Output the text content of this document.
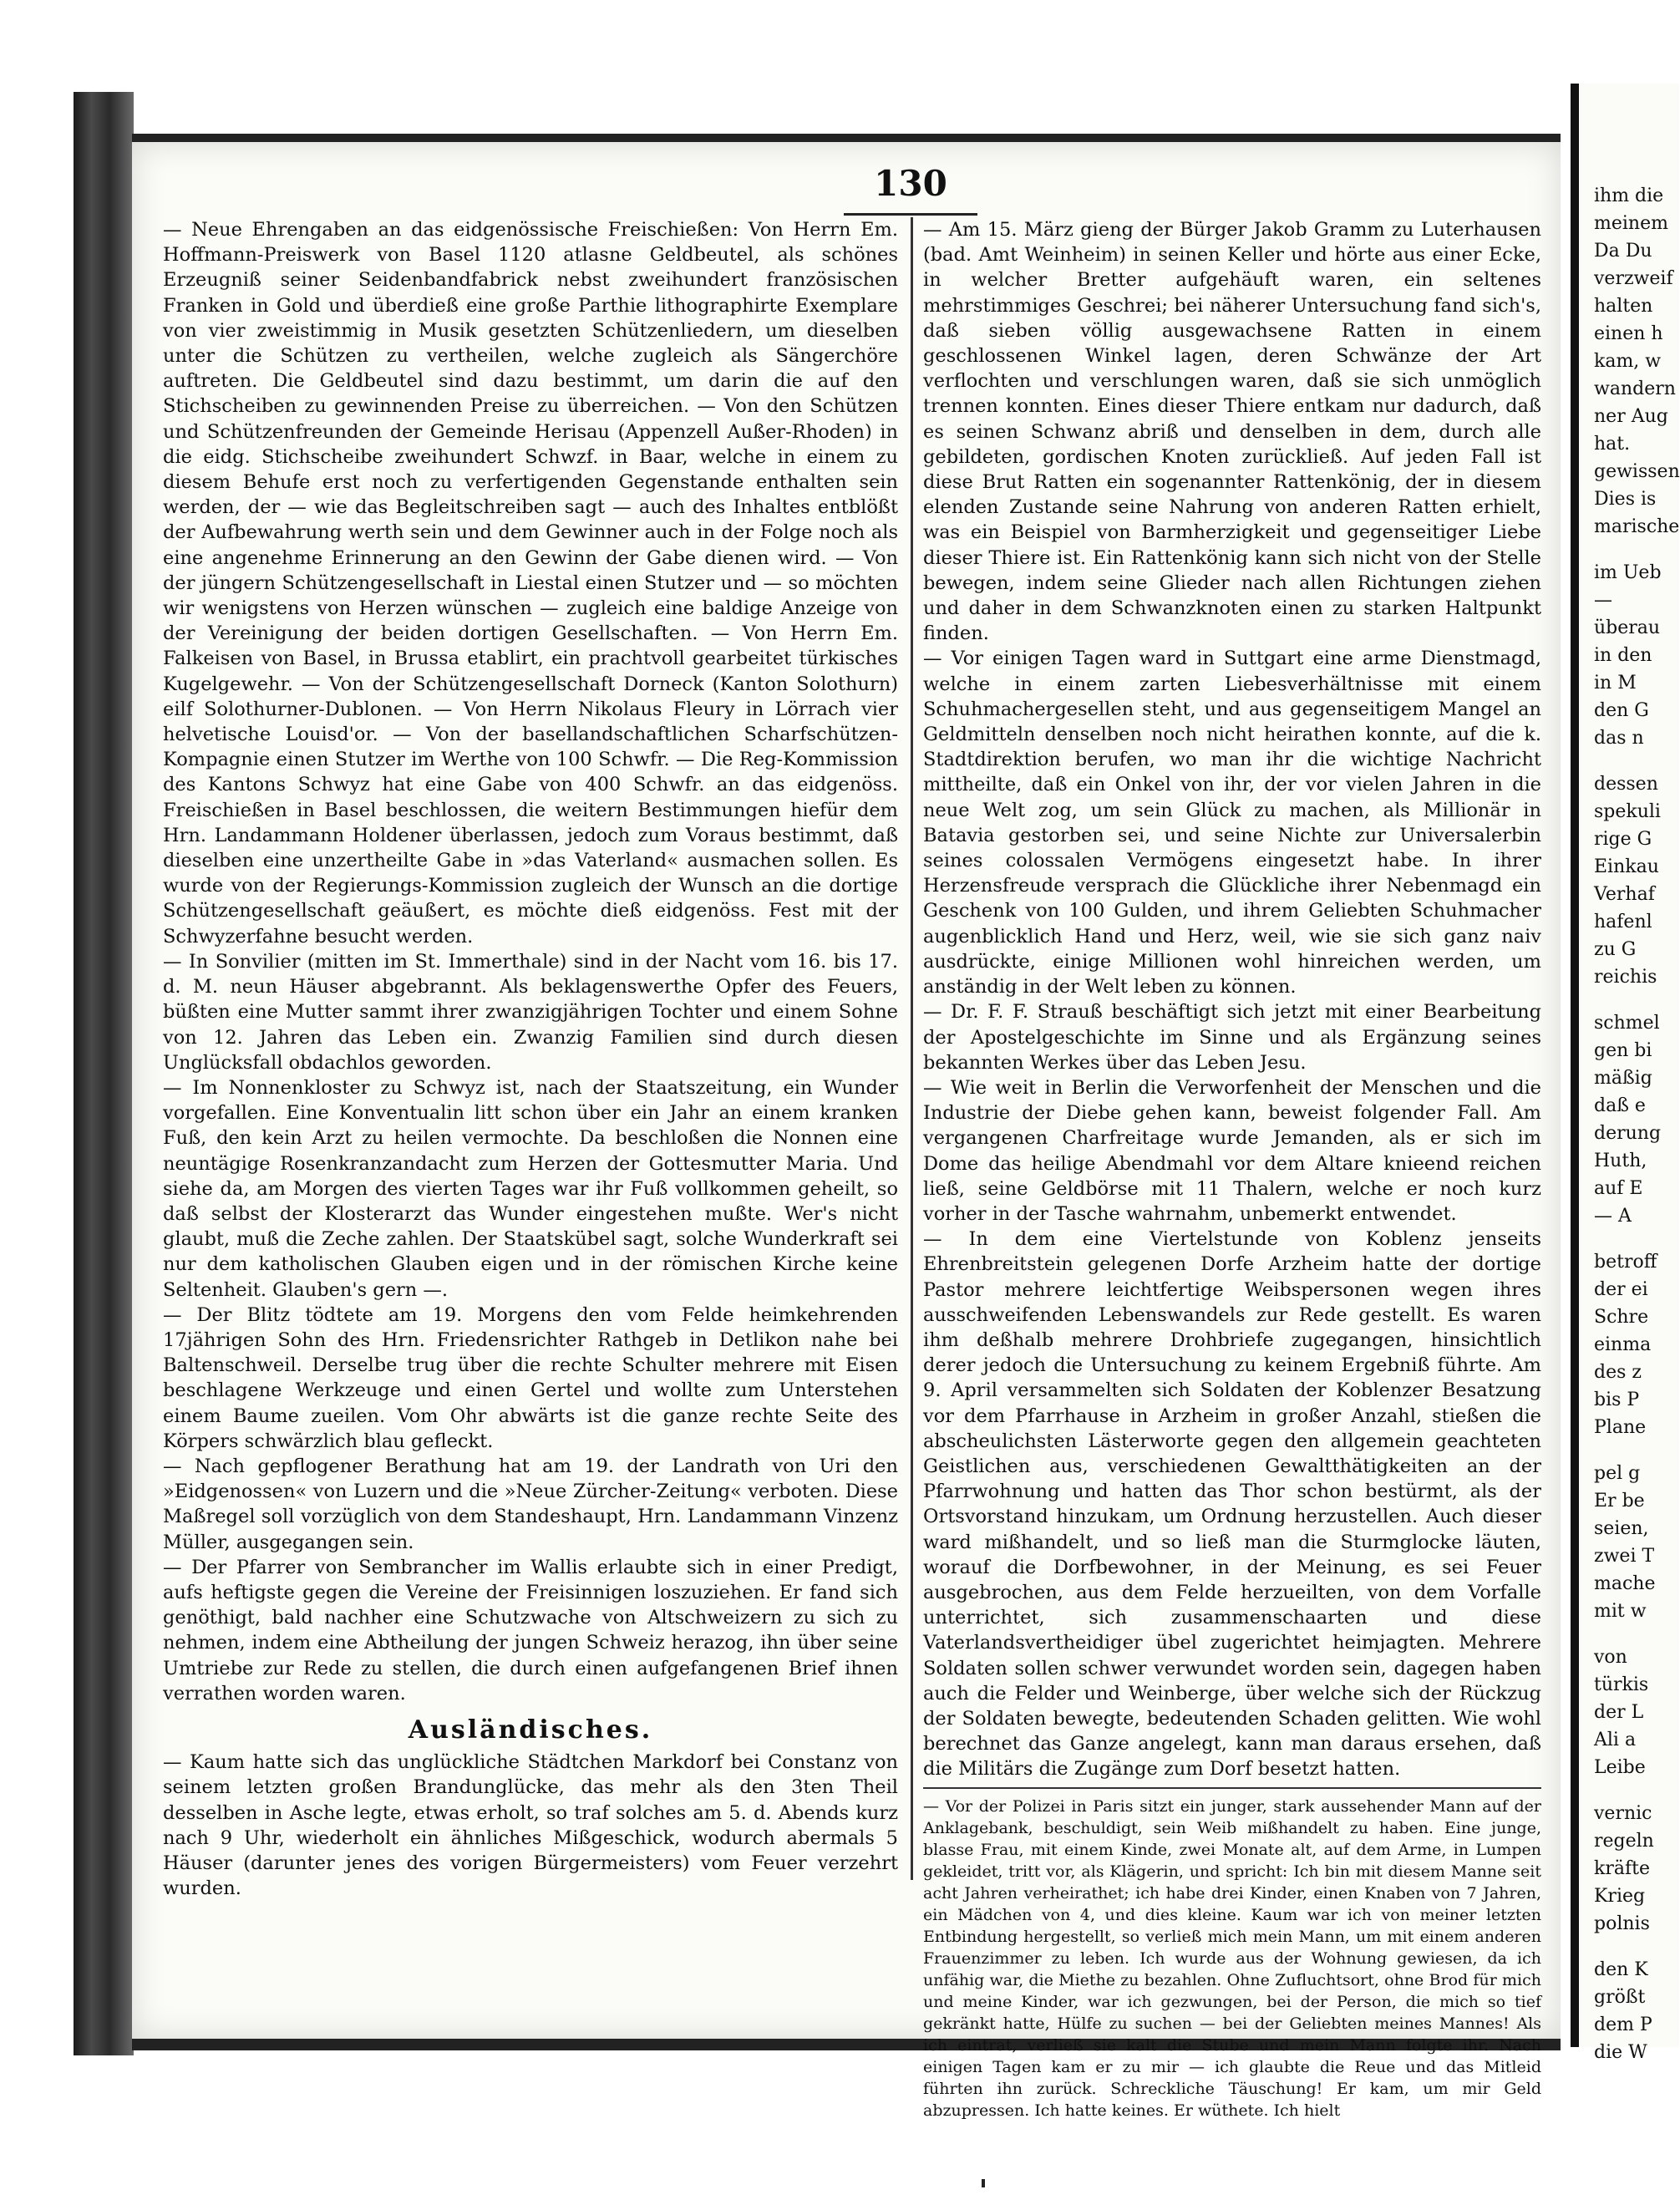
130

— Neue Ehrengaben an das eidgenössische Freischießen: Von Herrn Em. Hoffmann-Preiswerk von Basel 1120 atlasne Geldbeutel, als schönes Erzeugniß seiner Seidenbandfabrick nebst zweihundert französischen Franken in Gold und überdieß eine große Parthie lithographirte Exemplare von vier zweistimmig in Musik gesetzten Schützenliedern, um dieselben unter die Schützen zu vertheilen, welche zugleich als Sängerchöre auftreten. Die Geldbeutel sind dazu bestimmt, um darin die auf den Stichscheiben zu gewinnenden Preise zu überreichen. — Von den Schützen und Schützenfreunden der Gemeinde Herisau (Appenzell Außer-Rhoden) in die eidg. Stichscheibe zweihundert Schwzf. in Baar, welche in einem zu diesem Behufe erst noch zu verfertigenden Gegenstande enthalten sein werden, der — wie das Begleitschreiben sagt — auch des Inhaltes entblößt der Aufbewahrung werth sein und dem Gewinner auch in der Folge noch als eine angenehme Erinnerung an den Gewinn der Gabe dienen wird. — Von der jüngern Schützengesellschaft in Liestal einen Stutzer und — so möchten wir wenigstens von Herzen wünschen — zugleich eine baldige Anzeige von der Vereinigung der beiden dortigen Gesellschaften. — Von Herrn Em. Falkeisen von Basel, in Brussa etablirt, ein prachtvoll gearbeitet türkisches Kugelgewehr. — Von der Schützengesellschaft Dorneck (Kanton Solothurn) eilf Solothurner-Dublonen. — Von Herrn Nikolaus Fleury in Lörrach vier helvetische Louisd'or. — Von der basellandschaftlichen Scharfschützen-Kompagnie einen Stutzer im Werthe von 100 Schwfr. — Die Reg-Kommission des Kantons Schwyz hat eine Gabe von 400 Schwfr. an das eidgenöss. Freischießen in Basel beschlossen, die weitern Bestimmungen hiefür dem Hrn. Landammann Holdener überlassen, jedoch zum Voraus bestimmt, daß dieselben eine unzertheilte Gabe in »das Vaterland« ausmachen sollen. Es wurde von der Regierungs-Kommission zugleich der Wunsch an die dortige Schützengesellschaft geäußert, es möchte dieß eidgenöss. Fest mit der Schwyzerfahne besucht werden.

— In Sonvilier (mitten im St. Immerthale) sind in der Nacht vom 16. bis 17. d. M. neun Häuser abgebrannt. Als beklagenswerthe Opfer des Feuers, büßten eine Mutter sammt ihrer zwanzigjährigen Tochter und einem Sohne von 12. Jahren das Leben ein. Zwanzig Familien sind durch diesen Unglücksfall obdachlos geworden.

— Im Nonnenkloster zu Schwyz ist, nach der Staatszeitung, ein Wunder vorgefallen. Eine Konventualin litt schon über ein Jahr an einem kranken Fuß, den kein Arzt zu heilen vermochte. Da beschloßen die Nonnen eine neuntägige Rosenkranzandacht zum Herzen der Gottesmutter Maria. Und siehe da, am Morgen des vierten Tages war ihr Fuß vollkommen geheilt, so daß selbst der Klosterarzt das Wunder eingestehen mußte. Wer's nicht glaubt, muß die Zeche zahlen. Der Staatskübel sagt, solche Wunderkraft sei nur dem katholischen Glauben eigen und in der römischen Kirche keine Seltenheit. Glauben's gern —.

— Der Blitz tödtete am 19. Morgens den vom Felde heimkehrenden 17jährigen Sohn des Hrn. Friedensrichter Rathgeb in Detlikon nahe bei Baltenschweil. Derselbe trug über die rechte Schulter mehrere mit Eisen beschlagene Werkzeuge und einen Gertel und wollte zum Unterstehen einem Baume zueilen. Vom Ohr abwärts ist die ganze rechte Seite des Körpers schwärzlich blau gefleckt.

— Nach gepflogener Berathung hat am 19. der Landrath von Uri den »Eidgenossen« von Luzern und die »Neue Zürcher-Zeitung« verboten. Diese Maßregel soll vorzüglich von dem Standeshaupt, Hrn. Landammann Vinzenz Müller, ausgegangen sein.

— Der Pfarrer von Sembrancher im Wallis erlaubte sich in einer Predigt, aufs heftigste gegen die Vereine der Freisinnigen loszuziehen. Er fand sich genöthigt, bald nachher eine Schutzwache von Altschweizern zu sich zu nehmen, indem eine Abtheilung der jungen Schweiz herazog, ihn über seine Umtriebe zur Rede zu stellen, die durch einen aufgefangenen Brief ihnen verrathen worden waren.

Ausländisches.

— Kaum hatte sich das unglückliche Städtchen Markdorf bei Constanz von seinem letzten großen Brandunglücke, das mehr als den 3ten Theil desselben in Asche legte, etwas erholt, so traf solches am 5. d. Abends kurz nach 9 Uhr, wiederholt ein ähnliches Mißgeschick, wodurch abermals 5 Häuser (darunter jenes des vorigen Bürgermeisters) vom Feuer verzehrt wurden.

— Am 15. März gieng der Bürger Jakob Gramm zu Luterhausen (bad. Amt Weinheim) in seinen Keller und hörte aus einer Ecke, in welcher Bretter aufgehäuft waren, ein seltenes mehrstimmiges Geschrei; bei näherer Untersuchung fand sich's, daß sieben völlig ausgewachsene Ratten in einem geschlossenen Winkel lagen, deren Schwänze der Art verflochten und verschlungen waren, daß sie sich unmöglich trennen konnten. Eines dieser Thiere entkam nur dadurch, daß es seinen Schwanz abriß und denselben in dem, durch alle gebildeten, gordischen Knoten zurückließ. Auf jeden Fall ist diese Brut Ratten ein sogenannter Rattenkönig, der in diesem elenden Zustande seine Nahrung von anderen Ratten erhielt, was ein Beispiel von Barmherzigkeit und gegenseitiger Liebe dieser Thiere ist. Ein Rattenkönig kann sich nicht von der Stelle bewegen, indem seine Glieder nach allen Richtungen ziehen und daher in dem Schwanzknoten einen zu starken Haltpunkt finden.

— Vor einigen Tagen ward in Suttgart eine arme Dienstmagd, welche in einem zarten Liebesverhältnisse mit einem Schuhmachergesellen steht, und aus gegenseitigem Mangel an Geldmitteln denselben noch nicht heirathen konnte, auf die k. Stadtdirektion berufen, wo man ihr die wichtige Nachricht mittheilte, daß ein Onkel von ihr, der vor vielen Jahren in die neue Welt zog, um sein Glück zu machen, als Millionär in Batavia gestorben sei, und seine Nichte zur Universalerbin seines colossalen Vermögens eingesetzt habe. In ihrer Herzensfreude versprach die Glückliche ihrer Nebenmagd ein Geschenk von 100 Gulden, und ihrem Geliebten Schuhmacher augenblicklich Hand und Herz, weil, wie sie sich ganz naiv ausdrückte, einige Millionen wohl hinreichen werden, um anständig in der Welt leben zu können.

— Dr. F. F. Strauß beschäftigt sich jetzt mit einer Bearbeitung der Apostelgeschichte im Sinne und als Ergänzung seines bekannten Werkes über das Leben Jesu.

— Wie weit in Berlin die Verworfenheit der Menschen und die Industrie der Diebe gehen kann, beweist folgender Fall. Am vergangenen Charfreitage wurde Jemanden, als er sich im Dome das heilige Abendmahl vor dem Altare knieend reichen ließ, seine Geldbörse mit 11 Thalern, welche er noch kurz vorher in der Tasche wahrnahm, unbemerkt entwendet.

— In dem eine Viertelstunde von Koblenz jenseits Ehrenbreitstein gelegenen Dorfe Arzheim hatte der dortige Pastor mehrere leichtfertige Weibspersonen wegen ihres ausschweifenden Lebenswandels zur Rede gestellt. Es waren ihm deßhalb mehrere Drohbriefe zugegangen, hinsichtlich derer jedoch die Untersuchung zu keinem Ergebniß führte. Am 9. April versammelten sich Soldaten der Koblenzer Besatzung vor dem Pfarrhause in Arzheim in großer Anzahl, stießen die abscheulichsten Lästerworte gegen den allgemein geachteten Geistlichen aus, verschiedenen Gewaltthätigkeiten an der Pfarrwohnung und hatten das Thor schon bestürmt, als der Ortsvorstand hinzukam, um Ordnung herzustellen. Auch dieser ward mißhandelt, und so ließ man die Sturmglocke läuten, worauf die Dorfbewohner, in der Meinung, es sei Feuer ausgebrochen, aus dem Felde herzueilten, von dem Vorfalle unterrichtet, sich zusammenschaarten und diese Vaterlandsvertheidiger übel zugerichtet heimjagten. Mehrere Soldaten sollen schwer verwundet worden sein, dagegen haben auch die Felder und Weinberge, über welche sich der Rückzug der Soldaten bewegte, bedeutenden Schaden gelitten. Wie wohl berechnet das Ganze angelegt, kann man daraus ersehen, daß die Militärs die Zugänge zum Dorf besetzt hatten.

— Vor der Polizei in Paris sitzt ein junger, stark aussehender Mann auf der Anklagebank, beschuldigt, sein Weib mißhandelt zu haben. Eine junge, blasse Frau, mit einem Kinde, zwei Monate alt, auf dem Arme, in Lumpen gekleidet, tritt vor, als Klägerin, und spricht: Ich bin mit diesem Manne seit acht Jahren verheirathet; ich habe drei Kinder, einen Knaben von 7 Jahren, ein Mädchen von 4, und dies kleine. Kaum war ich von meiner letzten Entbindung hergestellt, so verließ mich mein Mann, um mit einem anderen Frauenzimmer zu leben. Ich wurde aus der Wohnung gewiesen, da ich unfähig war, die Miethe zu bezahlen. Ohne Zufluchtsort, ohne Brod für mich und meine Kinder, war ich gezwungen, bei der Person, die mich so tief gekränkt hatte, Hülfe zu suchen — bei der Geliebten meines Mannes! Als ich eintrat, verließ sie kalt die Stube und mein Mann folgte ihr. Nach einigen Tagen kam er zu mir — ich glaubte die Reue und das Mitleid führten ihn zurück. Schreckliche Täuschung! Er kam, um mir Geld abzupressen. Ich hatte keines. Er wüthete. Ich hielt

ihm die
meinem
Da Du
verzweif
halten
einen h
kam, w
wandern
ner Aug
hat.
gewissen
Dies is
marische
im Ueb
—
überau
in den
in M
den G
das n
dessen
spekuli
rige G
Einkau
Verhaf
hafenl
zu G
reichis
schmel
gen bi
mäßig
daß e
derung
Huth,
auf E
— A
betroff
der ei
Schre
einma
des z
bis P
Plane
pel g
Er be
seien,
zwei T
mache
mit w
von
türkis
der L
Ali a
Leibe
vernic
regeln
kräfte
Krieg
polnis
den K
größt
dem P
die W
